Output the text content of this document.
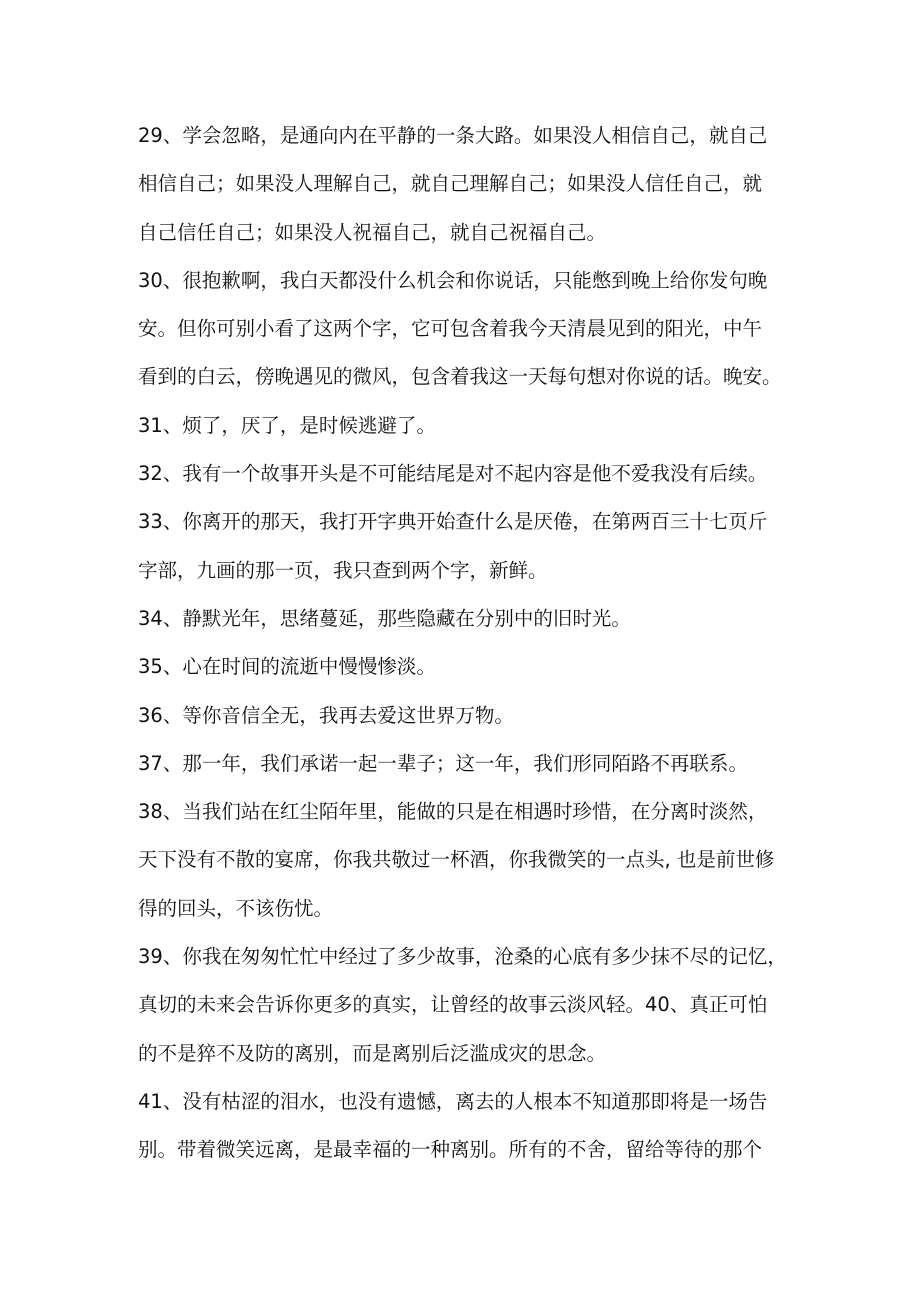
29、学会忽略，是通向内在平静的一条大路。如果没人相信自己，就自己
相信自己；如果没人理解自己，就自己理解自己；如果没人信任自己，就
自己信任自己；如果没人祝福自己，就自己祝福自己。
30、很抱歉啊，我白天都没什么机会和你说话，只能憋到晚上给你发句晚
安。但你可别小看了这两个字，它可包含着我今天清晨见到的阳光，中午
看到的白云，傍晚遇见的微风，包含着我这一天每句想对你说的话。晚安。
31、烦了，厌了，是时候逃避了。
32、我有一个故事开头是不可能结尾是对不起内容是他不爱我没有后续。
33、你离开的那天，我打开字典开始查什么是厌倦，在第两百三十七页斤
字部，九画的那一页，我只查到两个字，新鲜。
34、静默光年，思绪蔓延，那些隐藏在分别中的旧时光。
35、心在时间的流逝中慢慢惨淡。
36、等你音信全无，我再去爱这世界万物。
37、那一年，我们承诺一起一辈子；这一年，我们形同陌路不再联系。
38、当我们站在红尘陌年里，能做的只是在相遇时珍惜，在分离时淡然，
天下没有不散的宴席，你我共敬过一杯酒，你我微笑的一点头, 也是前世修
得的回头，不该伤忧。
39、你我在匆匆忙忙中经过了多少故事，沧桑的心底有多少抹不尽的记忆，
真切的未来会告诉你更多的真实，让曾经的故事云淡风轻。40、真正可怕
的不是猝不及防的离别，而是离别后泛滥成灾的思念。
41、没有枯涩的泪水，也没有遗憾，离去的人根本不知道那即将是一场告
别。带着微笑远离，是最幸福的一种离别。所有的不舍，留给等待的那个
